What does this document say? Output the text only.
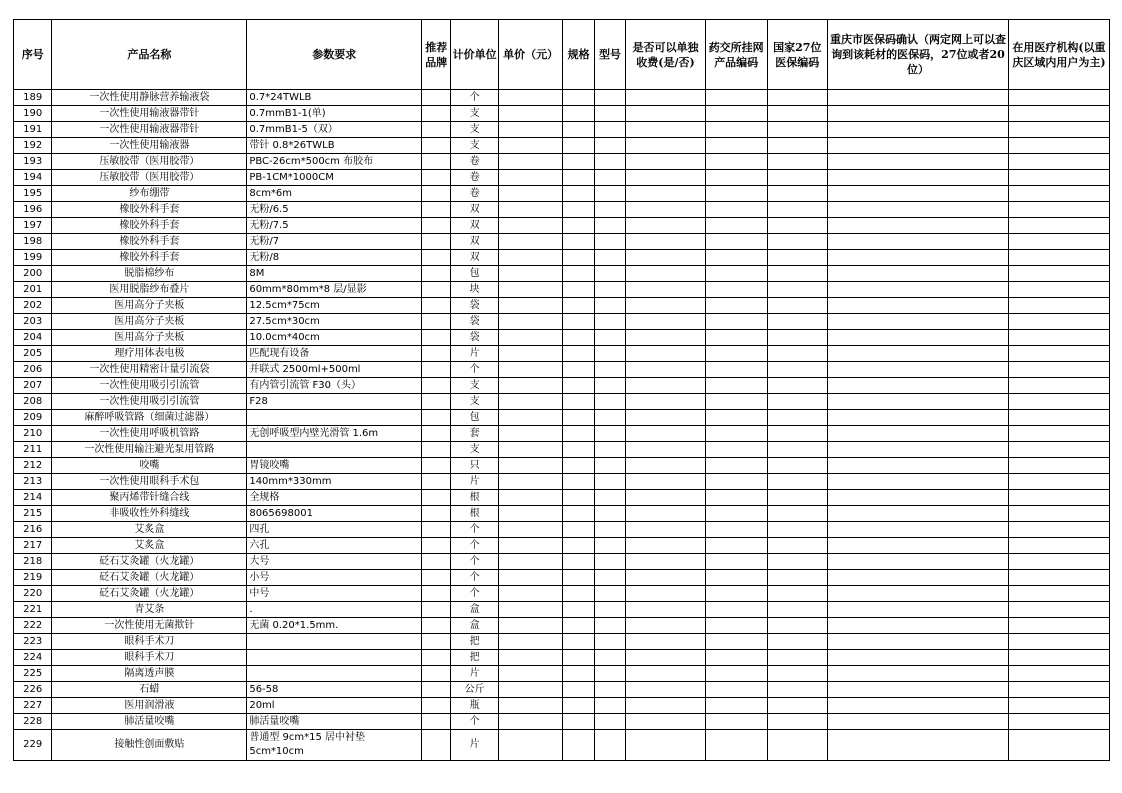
序号	产品名称	参数要求	推荐品牌	计价单位	单价（元）	规格	型号	是否可以单独收费(是/否)	药交所挂网产品编码	国家27位医保编码	重庆市医保码确认（两定网上可以查询到该耗材的医保码，27位或者20位）	在用医疗机构(以重庆区域内用户为主)
189	一次性使用静脉营养输液袋	0.7*24TWLB		个								
190	一次性使用输液器带针	0.7mmB1-1(单)		支								
191	一次性使用输液器带针	0.7mmB1-5（双）		支								
192	一次性使用输液器	带针 0.8*26TWLB		支								
193	压敏胶带（医用胶带）	PBC-26cm*500cm 布胶布		卷								
194	压敏胶带（医用胶带）	PB-1CM*1000CM		卷								
195	纱布绷带	8cm*6m		卷								
196	橡胶外科手套	无粉/6.5		双								
197	橡胶外科手套	无粉/7.5		双								
198	橡胶外科手套	无粉/7		双								
199	橡胶外科手套	无粉/8		双								
200	脱脂棉纱布	8M		包								
201	医用脱脂纱布叠片	60mm*80mm*8 层/显影		块								
202	医用高分子夹板	12.5cm*75cm		袋								
203	医用高分子夹板	27.5cm*30cm		袋								
204	医用高分子夹板	10.0cm*40cm		袋								
205	理疗用体表电极	匹配现有设备		片								
206	一次性使用精密计量引流袋	并联式 2500ml+500ml		个								
207	一次性使用吸引引流管	有内管引流管 F30（头）		支								
208	一次性使用吸引引流管	F28		支								
209	麻醉呼吸管路（细菌过滤器）			包								
210	一次性使用呼吸机管路	无创呼吸型内壁光滑管 1.6m		套								
211	一次性使用输注避光泵用管路			支								
212	咬嘴	胃镜咬嘴		只								
213	一次性使用眼科手术包	140mm*330mm		片								
214	聚丙烯带针缝合线	全规格		根								
215	非吸收性外科缝线	8065698001		根								
216	艾炙盒	四孔		个								
217	艾炙盒	六孔		个								
218	砭石艾灸罐（火龙罐）	大号		个								
219	砭石艾灸罐（火龙罐）	小号		个								
220	砭石艾灸罐（火龙罐）	中号		个								
221	青艾条	.		盒								
222	一次性使用无菌揿针	无菌 0.20*1.5mm.		盒								
223	眼科手术刀			把								
224	眼科手术刀			把								
225	隔离透声膜			片								
226	石蜡	56-58		公斤								
227	医用润滑液	20ml		瓶								
228	肺活量咬嘴	肺活量咬嘴		个								
229	接触性创面敷贴	普通型 9cm*15 居中衬垫 5cm*10cm		片								
